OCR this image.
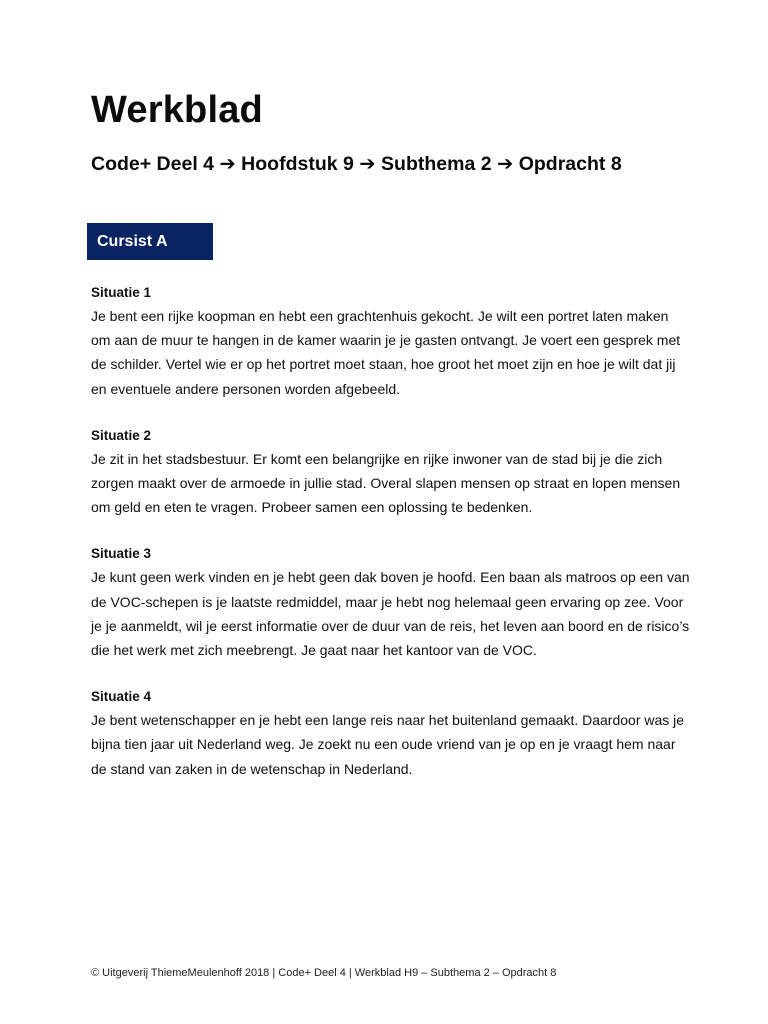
Werkblad
Code+ Deel 4 ➔ Hoofdstuk 9 ➔ Subthema 2 ➔ Opdracht 8
Cursist A
Situatie 1

Je bent een rijke koopman en hebt een grachtenhuis gekocht. Je wilt een portret laten maken om aan de muur te hangen in de kamer waarin je je gasten ontvangt. Je voert een gesprek met de schilder. Vertel wie er op het portret moet staan, hoe groot het moet zijn en hoe je wilt dat jij en eventuele andere personen worden afgebeeld.

Situatie 2

Je zit in het stadsbestuur. Er komt een belangrijke en rijke inwoner van de stad bij je die zich zorgen maakt over de armoede in jullie stad. Overal slapen mensen op straat en lopen mensen om geld en eten te vragen. Probeer samen een oplossing te bedenken.

Situatie 3

Je kunt geen werk vinden en je hebt geen dak boven je hoofd. Een baan als matroos op een van de VOC-schepen is je laatste redmiddel, maar je hebt nog helemaal geen ervaring op zee. Voor je je aanmeldt, wil je eerst informatie over de duur van de reis, het leven aan boord en de risico’s die het werk met zich meebrengt. Je gaat naar het kantoor van de VOC.

Situatie 4

Je bent wetenschapper en je hebt een lange reis naar het buitenland gemaakt. Daardoor was je bijna tien jaar uit Nederland weg. Je zoekt nu een oude vriend van je op en je vraagt hem naar de stand van zaken in de wetenschap in Nederland.

© Uitgeverij ThiemeMeulenhoff 2018 | Code+ Deel 4 | Werkblad H9 – Subthema 2 – Opdracht 8
